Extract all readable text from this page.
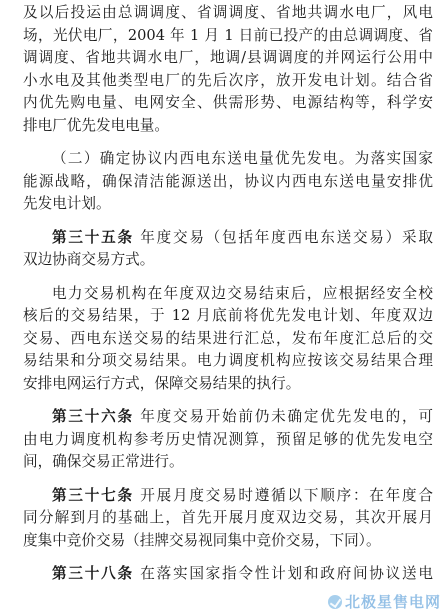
及以后投运由总调调度、省调调度、省地共调水电厂，风电
场，光伏电厂，2004 年 1 月 1 日前已投产的由总调调度、省
调调度、省地共调水电厂，地调/县调调度的并网运行公用中
小水电及其他类型电厂的先后次序，放开发电计划。结合省
内优先购电量、电网安全、供需形势、电源结构等，科学安
排电厂优先发电电量。
（二）确定协议内西电东送电量优先发电。为落实国家
能源战略，确保清洁能源送出，协议内西电东送电量安排优
先发电计划。
第三十五条 年度交易（包括年度西电东送交易）采取
双边协商交易方式。
电力交易机构在年度双边交易结束后，应根据经安全校
核后的交易结果，于 12 月底前将优先发电计划、年度双边
交易、西电东送交易的结果进行汇总，发布年度汇总后的交
易结果和分项交易结果。电力调度机构应按该交易结果合理
安排电网运行方式，保障交易结果的执行。
第三十六条 年度交易开始前仍未确定优先发电的，可
由电力调度机构参考历史情况测算，预留足够的优先发电空
间，确保交易正常进行。
第三十七条 开展月度交易时遵循以下顺序：在年度合
同分解到月的基础上，首先开展月度双边交易，其次开展月
度集中竞价交易（挂牌交易视同集中竞价交易，下同）。
第三十八条 在落实国家指令性计划和政府间协议送电
北极星售电网
